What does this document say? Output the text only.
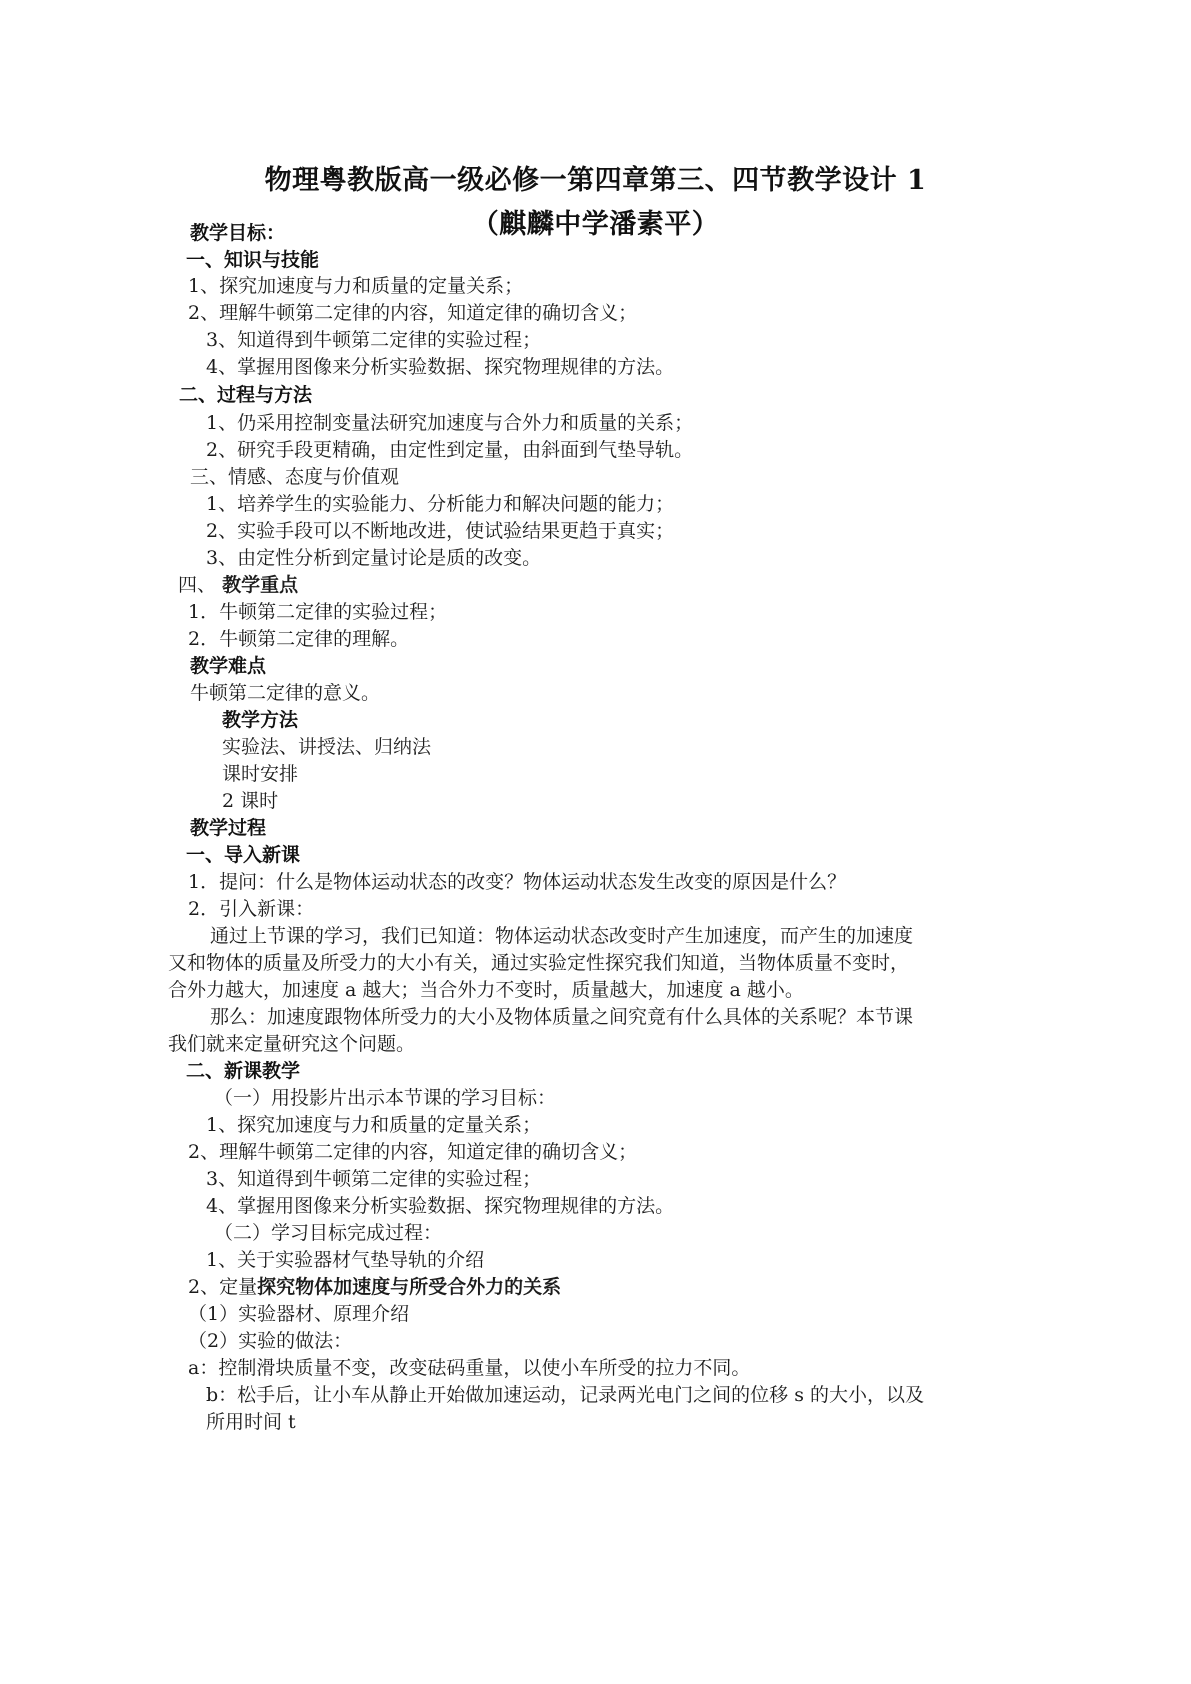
物理粤教版高一级必修一第四章第三、四节教学设计 1
（麒麟中学潘素平）
教学目标：
一、知识与技能
1、探究加速度与力和质量的定量关系；
2、理解牛顿第二定律的内容，知道定律的确切含义；
3、知道得到牛顿第二定律的实验过程；
4、掌握用图像来分析实验数据、探究物理规律的方法。
二、过程与方法
1、仍采用控制变量法研究加速度与合外力和质量的关系；
2、研究手段更精确，由定性到定量，由斜面到气垫导轨。
三、情感、态度与价值观
1、培养学生的实验能力、分析能力和解决问题的能力；
2、实验手段可以不断地改进，使试验结果更趋于真实；
3、由定性分析到定量讨论是质的改变。
四、 教学重点
1．牛顿第二定律的实验过程；
2．牛顿第二定律的理解。
教学难点
牛顿第二定律的意义。
教学方法
实验法、讲授法、归纳法
课时安排
2 课时
教学过程
一、导入新课
1．提问：什么是物体运动状态的改变？物体运动状态发生改变的原因是什么？
2．引入新课：
通过上节课的学习，我们已知道：物体运动状态改变时产生加速度，而产生的加速度
又和物体的质量及所受力的大小有关，通过实验定性探究我们知道，当物体质量不变时，
合外力越大，加速度 a 越大；当合外力不变时，质量越大，加速度 a 越小。
那么：加速度跟物体所受力的大小及物体质量之间究竟有什么具体的关系呢？本节课
我们就来定量研究这个问题。
二、新课教学
（一）用投影片出示本节课的学习目标：
1、探究加速度与力和质量的定量关系；
2、理解牛顿第二定律的内容，知道定律的确切含义；
3、知道得到牛顿第二定律的实验过程；
4、掌握用图像来分析实验数据、探究物理规律的方法。
（二）学习目标完成过程：
1、关于实验器材气垫导轨的介绍
2、定量探究物体加速度与所受合外力的关系
（1）实验器材、原理介绍
（2）实验的做法：
a：控制滑块质量不变，改变砝码重量，以使小车所受的拉力不同。
b：松手后，让小车从静止开始做加速运动，记录两光电门之间的位移 s 的大小，以及
所用时间 t
